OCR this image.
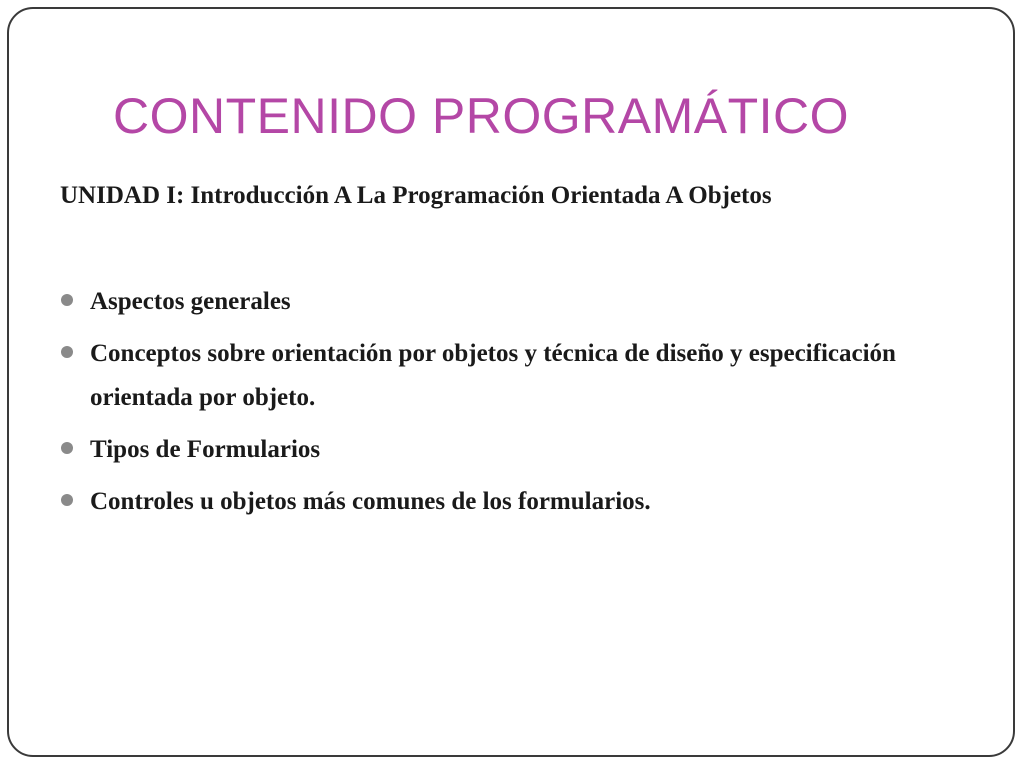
CONTENIDO PROGRAMÁTICO

UNIDAD I: Introducción A La Programación Orientada A Objetos

Aspectos generales
Conceptos sobre orientación por objetos y técnica de diseño y especificación orientada por objeto.
Tipos de Formularios
Controles u objetos más comunes de los formularios.
